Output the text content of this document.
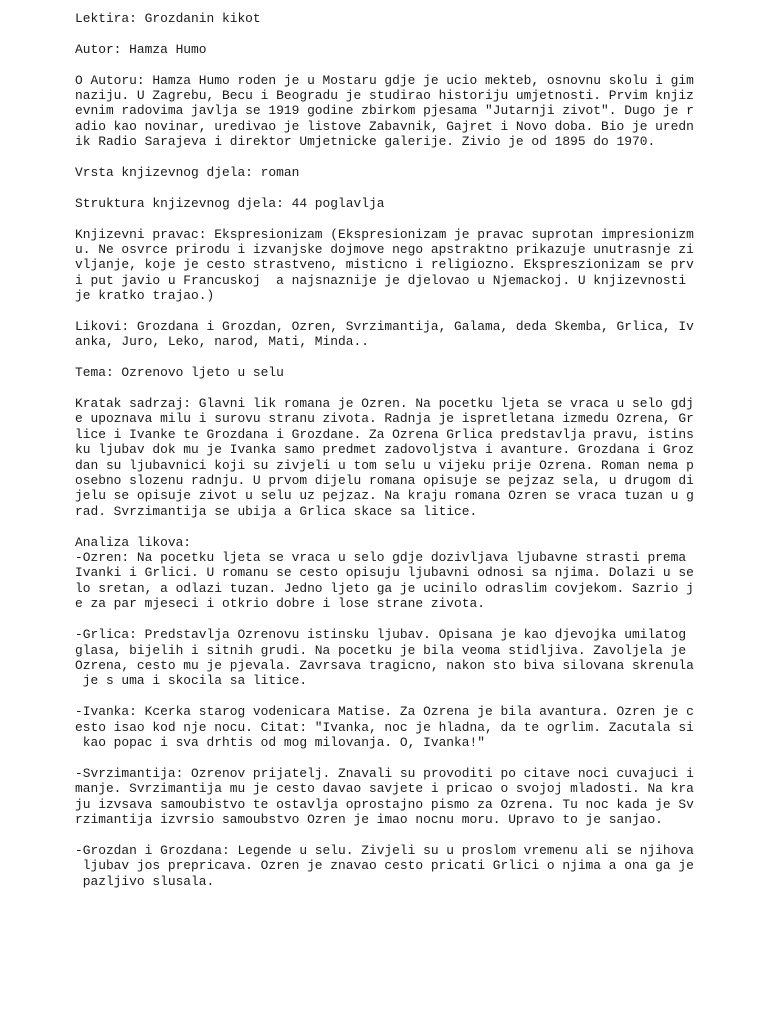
Lektira: Grozdanin kikot
Autor: Hamza Humo
O Autoru: Hamza Humo roden je u Mostaru gdje je ucio mekteb, osnovnu skolu i gim
naziju. U Zagrebu, Becu i Beogradu je studirao historiju umjetnosti. Prvim knjiz
evnim radovima javlja se 1919 godine zbirkom pjesama "Jutarnji zivot". Dugo je r
adio kao novinar, uredivao je listove Zabavnik, Gajret i Novo doba. Bio je uredn
ik Radio Sarajeva i direktor Umjetnicke galerije. Zivio je od 1895 do 1970.
Vrsta knjizevnog djela: roman
Struktura knjizevnog djela: 44 poglavlja
Knjizevni pravac: Ekspresionizam (Ekspresionizam je pravac suprotan impresionizm
u. Ne osvrce prirodu i izvanjske dojmove nego apstraktno prikazuje unutrasnje zi
vljanje, koje je cesto strastveno, misticno i religiozno. Ekspreszionizam se prv
i put javio u Francuskoj  a najsnaznije je djelovao u Njemackoj. U knjizevnosti
je kratko trajao.)
Likovi: Grozdana i Grozdan, Ozren, Svrzimantija, Galama, deda Skemba, Grlica, Iv
anka, Juro, Leko, narod, Mati, Minda..
Tema: Ozrenovo ljeto u selu
Kratak sadrzaj: Glavni lik romana je Ozren. Na pocetku ljeta se vraca u selo gdj
e upoznava milu i surovu stranu zivota. Radnja je ispretletana izmedu Ozrena, Gr
lice i Ivanke te Grozdana i Grozdane. Za Ozrena Grlica predstavlja pravu, istins
ku ljubav dok mu je Ivanka samo predmet zadovoljstva i avanture. Grozdana i Groz
dan su ljubavnici koji su zivjeli u tom selu u vijeku prije Ozrena. Roman nema p
osebno slozenu radnju. U prvom dijelu romana opisuje se pejzaz sela, u drugom di
jelu se opisuje zivot u selu uz pejzaz. Na kraju romana Ozren se vraca tuzan u g
rad. Svrzimantija se ubija a Grlica skace sa litice.
Analiza likova:
-Ozren: Na pocetku ljeta se vraca u selo gdje dozivljava ljubavne strasti prema
Ivanki i Grlici. U romanu se cesto opisuju ljubavni odnosi sa njima. Dolazi u se
lo sretan, a odlazi tuzan. Jedno ljeto ga je ucinilo odraslim covjekom. Sazrio j
e za par mjeseci i otkrio dobre i lose strane zivota.
-Grlica: Predstavlja Ozrenovu istinsku ljubav. Opisana je kao djevojka umilatog
glasa, bijelih i sitnih grudi. Na pocetku je bila veoma stidljiva. Zavoljela je
Ozrena, cesto mu je pjevala. Zavrsava tragicno, nakon sto biva silovana skrenula
je s uma i skocila sa litice.
-Ivanka: Kcerka starog vodenicara Matise. Za Ozrena je bila avantura. Ozren je c
esto isao kod nje nocu. Citat: "Ivanka, noc je hladna, da te ogrlim. Zacutala si
kao popac i sva drhtis od mog milovanja. O, Ivanka!"
-Svrzimantija: Ozrenov prijatelj. Znavali su provoditi po citave noci cuvajuci i
manje. Svrzimantija mu je cesto davao savjete i pricao o svojoj mladosti. Na kra
ju izvsava samoubistvo te ostavlja oprostajno pismo za Ozrena. Tu noc kada je Sv
rzimantija izvrsio samoubstvo Ozren je imao nocnu moru. Upravo to je sanjao.
-Grozdan i Grozdana: Legende u selu. Zivjeli su u proslom vremenu ali se njihova
ljubav jos prepricava. Ozren je znavao cesto pricati Grlici o njima a ona ga je
pazljivo slusala.
